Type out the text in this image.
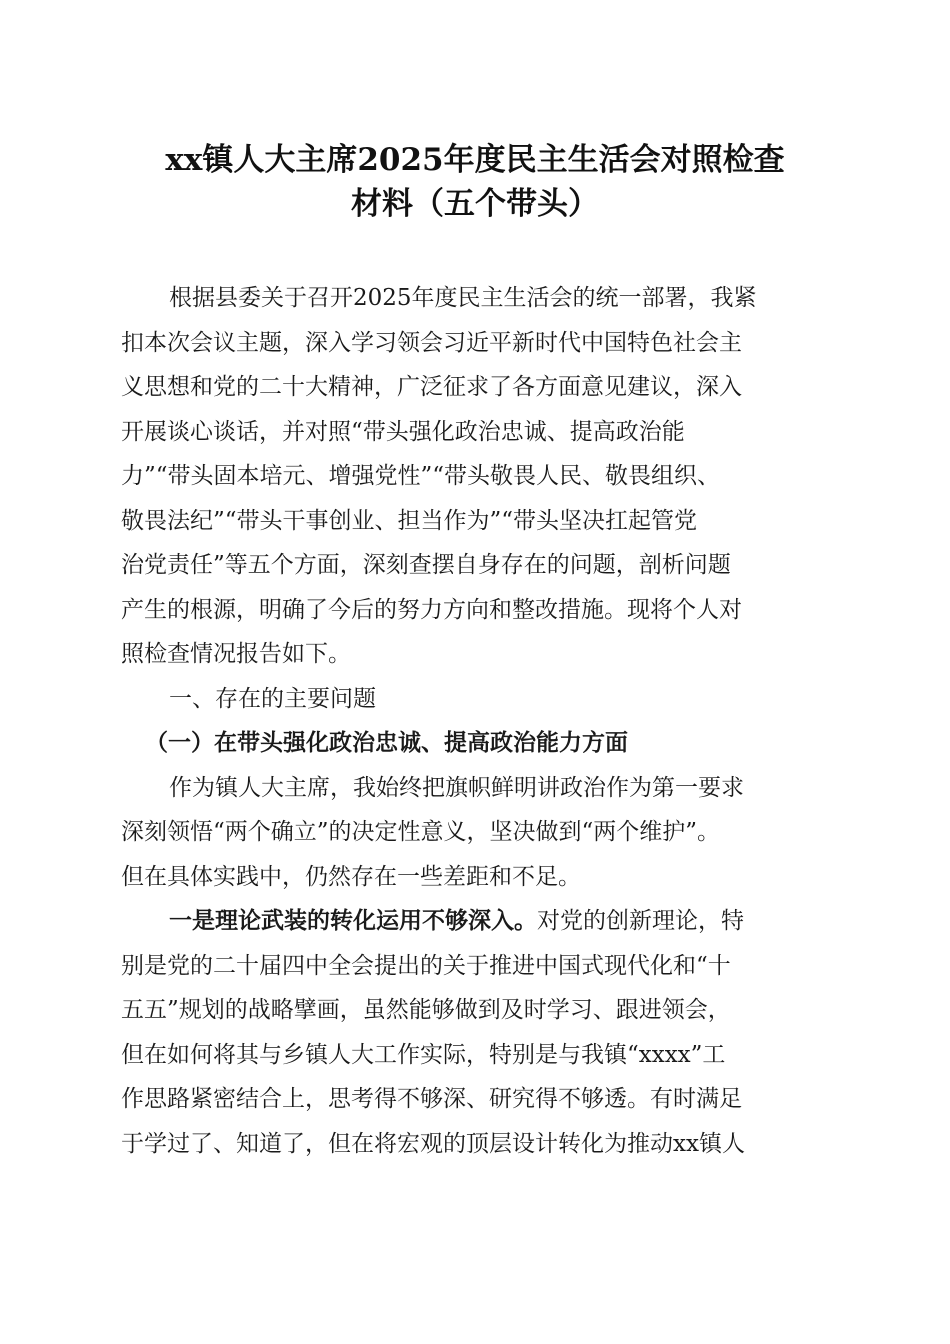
xx镇人大主席2025年度民主生活会对照检查
材料（五个带头）
根据县委关于召开2025年度民主生活会的统一部署，我紧
扣本次会议主题，深入学习领会习近平新时代中国特色社会主
义思想和党的二十大精神，广泛征求了各方面意见建议，深入
开展谈心谈话，并对照“带头强化政治忠诚、提高政治能
力”“带头固本培元、增强党性”“带头敬畏人民、敬畏组织、
敬畏法纪”“带头干事创业、担当作为”“带头坚决扛起管党
治党责任”等五个方面，深刻查摆自身存在的问题，剖析问题
产生的根源，明确了今后的努力方向和整改措施。现将个人对
照检查情况报告如下。
一、存在的主要问题
（一）在带头强化政治忠诚、提高政治能力方面
作为镇人大主席，我始终把旗帜鲜明讲政治作为第一要求
深刻领悟“两个确立”的决定性意义，坚决做到“两个维护”。
但在具体实践中，仍然存在一些差距和不足。
一是理论武装的转化运用不够深入。对党的创新理论，特
别是党的二十届四中全会提出的关于推进中国式现代化和“十
五五”规划的战略擘画，虽然能够做到及时学习、跟进领会，
但在如何将其与乡镇人大工作实际，特别是与我镇“xxxx”工
作思路紧密结合上，思考得不够深、研究得不够透。有时满足
于学过了、知道了，但在将宏观的顶层设计转化为推动xx镇人
